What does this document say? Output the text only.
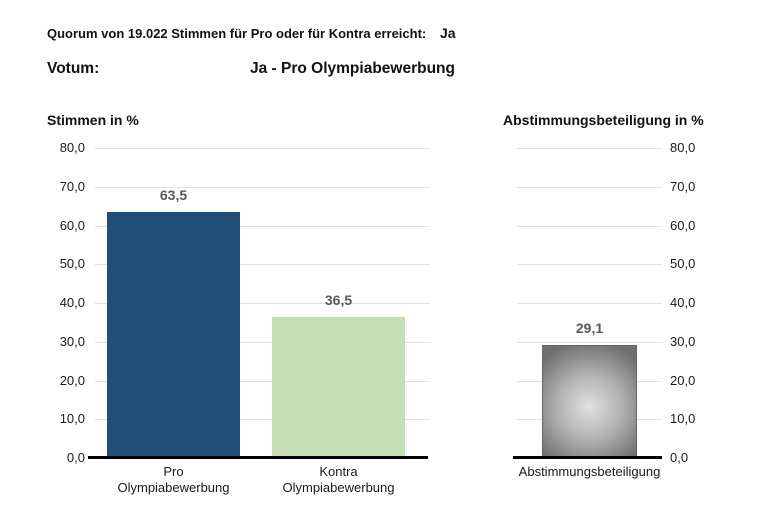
Quorum von 19.022 Stimmen für Pro oder für Kontra erreicht: Ja
Votum:	Ja - Pro Olympiabewerbung
Stimmen in %	Abstimmungsbeteiligung in %
80,0
70,0
60,0
50,0
40,0
30,0
20,0
10,0
0,0
63,5
Pro Olympiabewerbung
36,5
Kontra Olympiabewerbung
80,0
70,0
60,0
50,0
40,0
30,0
20,0
10,0
0,0
29,1
Abstimmungsbeteiligung
